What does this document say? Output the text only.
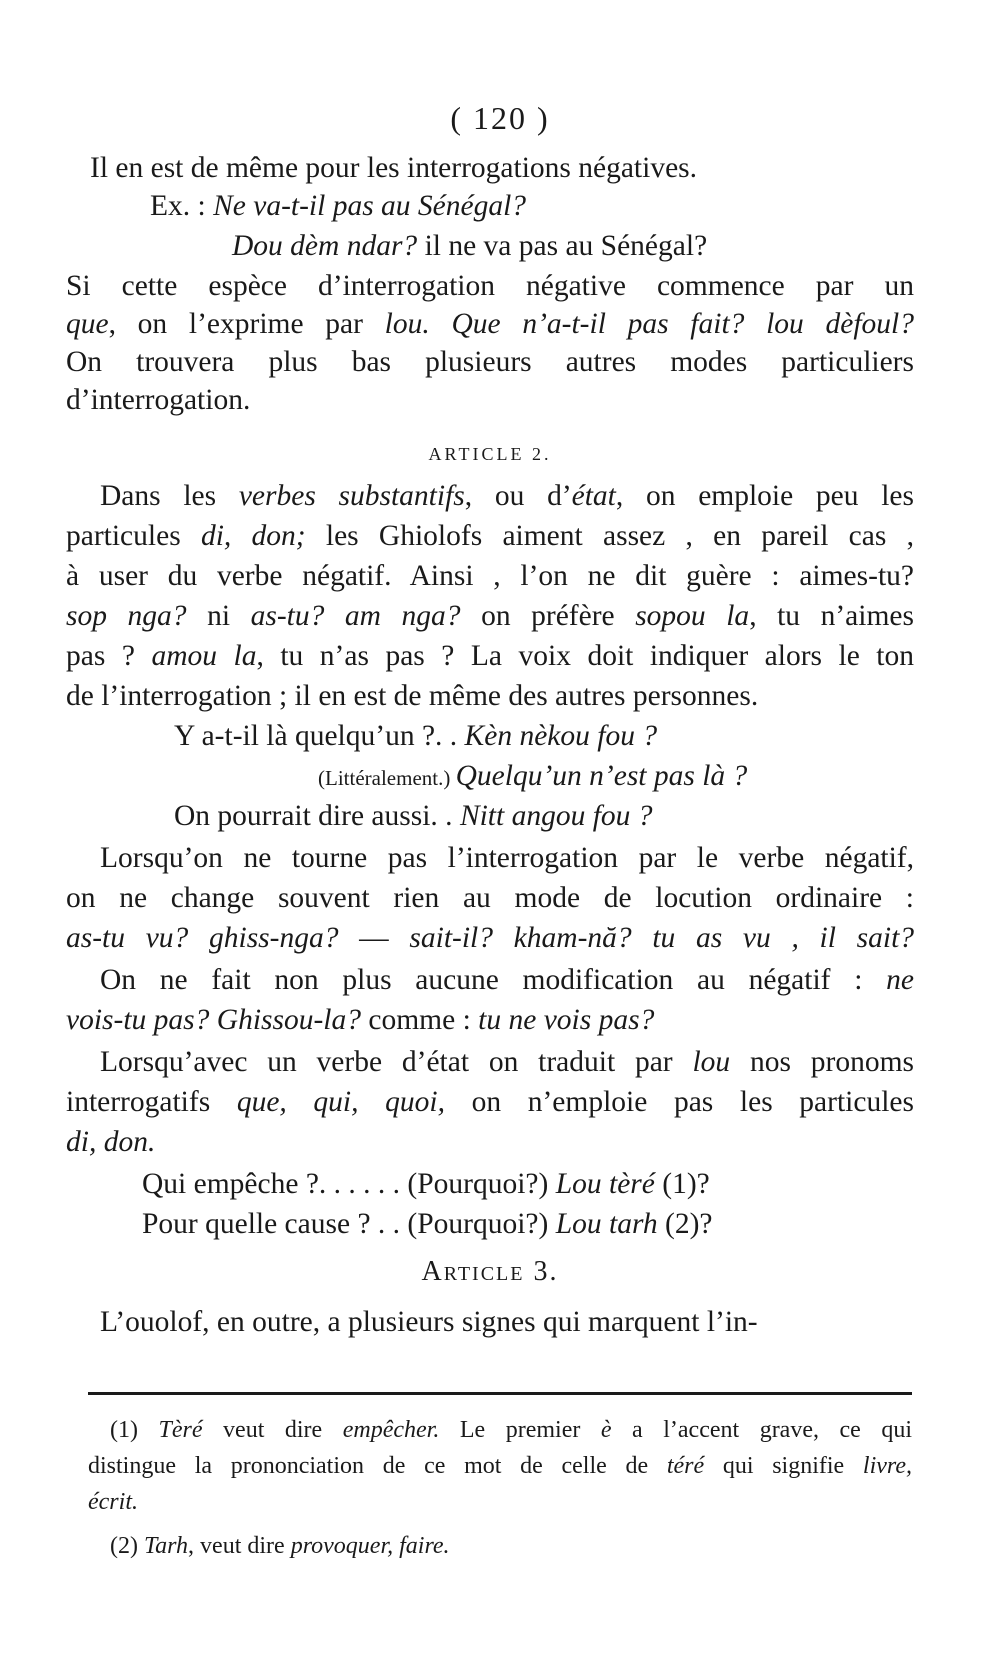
( 120 )
Il en est de même pour les interrogations négatives.
Ex. : Ne va-t-il pas au Sénégal?
Dou dèm ndar? il ne va pas au Sénégal?
Si cette espèce d’interrogation négative commence par un
que, on l’exprime par lou. Que n’a-t-il pas fait? lou dèfoul?
On trouvera plus bas plusieurs autres modes particuliers
d’interrogation.
ARTICLE 2.
Dans les verbes substantifs, ou d’état, on emploie peu les
particules di, don; les Ghiolofs aiment assez , en pareil cas ,
à user du verbe négatif. Ainsi , l’on ne dit guère : aimes-tu?
sop nga? ni as-tu? am nga? on préfère sopou la, tu n’aimes
pas ? amou la, tu n’as pas ? La voix doit indiquer alors le ton
de l’interrogation ; il en est de même des autres personnes.
Y a-t-il là quelqu’un ?. . Kèn nèkou fou ?
(Littéralement.) Quelqu’un n’est pas là ?
On pourrait dire aussi. . Nitt angou fou ?
Lorsqu’on ne tourne pas l’interrogation par le verbe négatif,
on ne change souvent rien au mode de locution ordinaire :
as-tu vu? ghiss-nga? — sait-il? kham-nă? tu as vu , il sait?
On ne fait non plus aucune modification au négatif : ne
vois-tu pas? Ghissou-la? comme : tu ne vois pas?
Lorsqu’avec un verbe d’état on traduit par lou nos pronoms
interrogatifs que, qui, quoi, on n’emploie pas les particules
di, don.
Qui empêche ?. . . . . . (Pourquoi?) Lou tèré (1)?
Pour quelle cause ? . . (Pourquoi?) Lou tarh (2)?
Article 3.
L’ouolof, en outre, a plusieurs signes qui marquent l’in-
(1) Tèré veut dire empêcher. Le premier è a l’accent grave, ce qui
distingue la prononciation de ce mot de celle de téré qui signifie livre,
écrit.
(2) Tarh, veut dire provoquer, faire.
